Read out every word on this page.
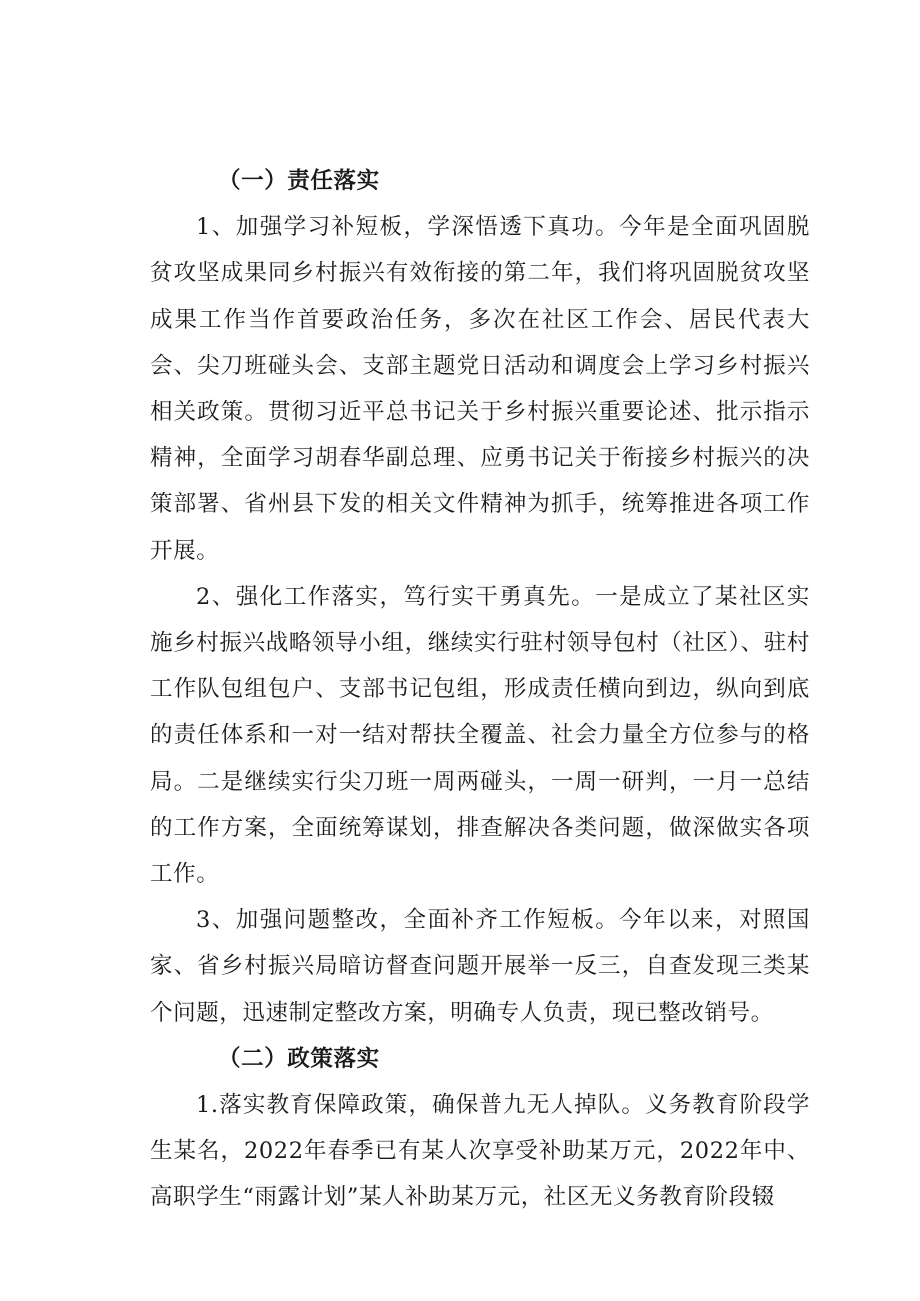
（一）责任落实

1、加强学习补短板，学深悟透下真功。今年是全面巩固脱贫攻坚成果同乡村振兴有效衔接的第二年，我们将巩固脱贫攻坚成果工作当作首要政治任务，多次在社区工作会、居民代表大会、尖刀班碰头会、支部主题党日活动和调度会上学习乡村振兴相关政策。贯彻习近平总书记关于乡村振兴重要论述、批示指示精神，全面学习胡春华副总理、应勇书记关于衔接乡村振兴的决策部署、省州县下发的相关文件精神为抓手，统筹推进各项工作开展。

2、强化工作落实，笃行实干勇真先。一是成立了某社区实施乡村振兴战略领导小组，继续实行驻村领导包村（社区）、驻村工作队包组包户、支部书记包组，形成责任横向到边，纵向到底的责任体系和一对一结对帮扶全覆盖、社会力量全方位参与的格局。二是继续实行尖刀班一周两碰头，一周一研判，一月一总结的工作方案，全面统筹谋划，排查解决各类问题，做深做实各项工作。

3、加强问题整改，全面补齐工作短板。今年以来，对照国家、省乡村振兴局暗访督查问题开展举一反三，自查发现三类某个问题，迅速制定整改方案，明确专人负责，现已整改销号。

（二）政策落实

1.落实教育保障政策，确保普九无人掉队。义务教育阶段学生某名，2022年春季已有某人次享受补助某万元，2022年中、高职学生“雨露计划”某人补助某万元，社区无义务教育阶段辍
